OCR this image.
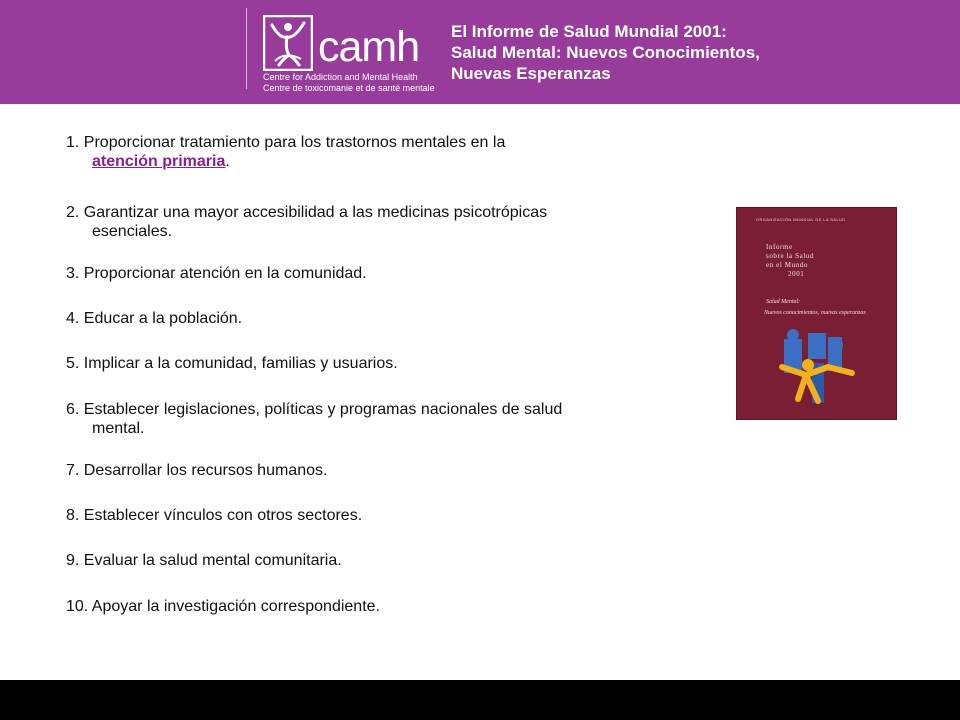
camh
Centre for Addiction and Mental Health
Centre de toxicomanie et de santé mentale
El Informe de Salud Mundial 2001:
Salud Mental: Nuevos Conocimientos,
Nuevas Esperanzas
1. Proporcionar tratamiento para los trastornos mentales en la
atención primaria.
2. Garantizar una mayor accesibilidad a las medicinas psicotrópicas
esenciales.
3. Proporcionar atención en la comunidad.
4. Educar a la población.
5. Implicar a la comunidad, familias y usuarios.
6. Establecer legislaciones, políticas y programas nacionales de salud
mental.
7. Desarrollar los recursos humanos.
8. Establecer vínculos con otros sectores.
9. Evaluar la salud mental comunitaria.
10. Apoyar la investigación correspondiente.
ORGANIZACIÓN MUNDIAL DE LA SALUD
Informe
sobre la Salud
en el Mundo
2001
Salud Mental:
Nuevos conocimientos, nuevas esperanzas
